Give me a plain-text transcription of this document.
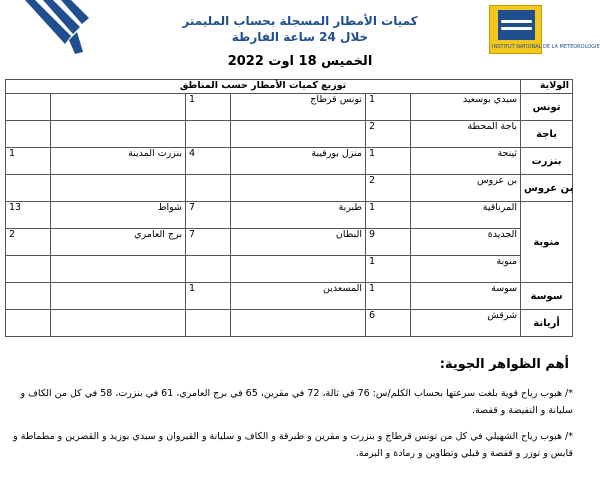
INSTITUT NATIONAL DE LA METEOROLOGIE
كميات الأمطار المسجلة بحساب المليمتر
خلال 24 ساعة الفارطة
الخميس 18 اوت 2022
توزيع كميات الأمطار حسب المناطق						الولاية
		1	تونس قرطاج	1	سيدي بوسعيد	تونس
				2	باجة المحطة	باجة
1	بنزرت المدينة	4	منزل بورقيبة	1	ثينجة	بنزرت
				2	بن عروس	بن عروس
13	شواط	7	طبربة	1	المرناقية	منوبة
2	برج العامري	7	البطان	9	الجديدة	
				1	منوبة	
		1	المسعدين	1	سوسة	سوسة
				6	شرقش	أريانة
أهم الظواهر الجوية:
*/ هبوب رياح قوية بلغت سرعتها بحساب الكلم/س: 76 في ثالة، 72 في مقرين، 65 في برج العامري، 61 في بنزرت، 58 في كل من الكاف و سليانة و النفيضة و قفصة.
*/ هبوب رياح الشهيلي في كل من تونس قرطاج و بنزرت و مقرين و طبرقة و الكاف و سليانة و القيروان و سيدي بوزيد و القصرين و مطماطة و قابس و توزر و قفصة و قبلي وتطاوين و رمادة و البرمة.
